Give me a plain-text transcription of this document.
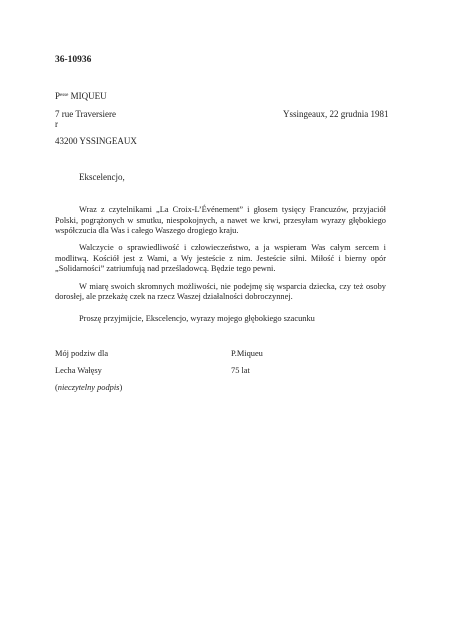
36-10936
$P^{esse}$ MIQUEU
7 rue Traversiere
r
Yssingeaux, 22 grudnia 1981
43200 YSSINGEAUX
Ekscelencjo,

Wraz z czytelnikami „La Croix-L’Événement” i głosem tysięcy Francuzów, przyjaciół Polski, pogrążonych w smutku, niespokojnych, a nawet we krwi, przesyłam wyrazy głębokiego współczucia dla Was i całego Waszego drogiego kraju.

Walczycie o sprawiedliwość i człowieczeństwo, a ja wspieram Was całym sercem i modlitwą. Kościół jest z Wami, a Wy jesteście z nim. Jesteście siłni. Miłość i bierny opór „Solidarności” zatriumfują nad prześladowcą. Będzie tego pewni.

W miarę swoich skromnych możliwości, nie podejmę się wsparcia dziecka, czy też osoby dorosłej, ale przekażę czek na rzecz Waszej działalności dobroczynnej.

Proszę przyjmijcie, Ekscelencjo, wyrazy mojego głębokiego szacunku
Mój podziw dla
Lecha Wałęsy
(nieczytelny podpis)
P.Miqueu
75 lat
